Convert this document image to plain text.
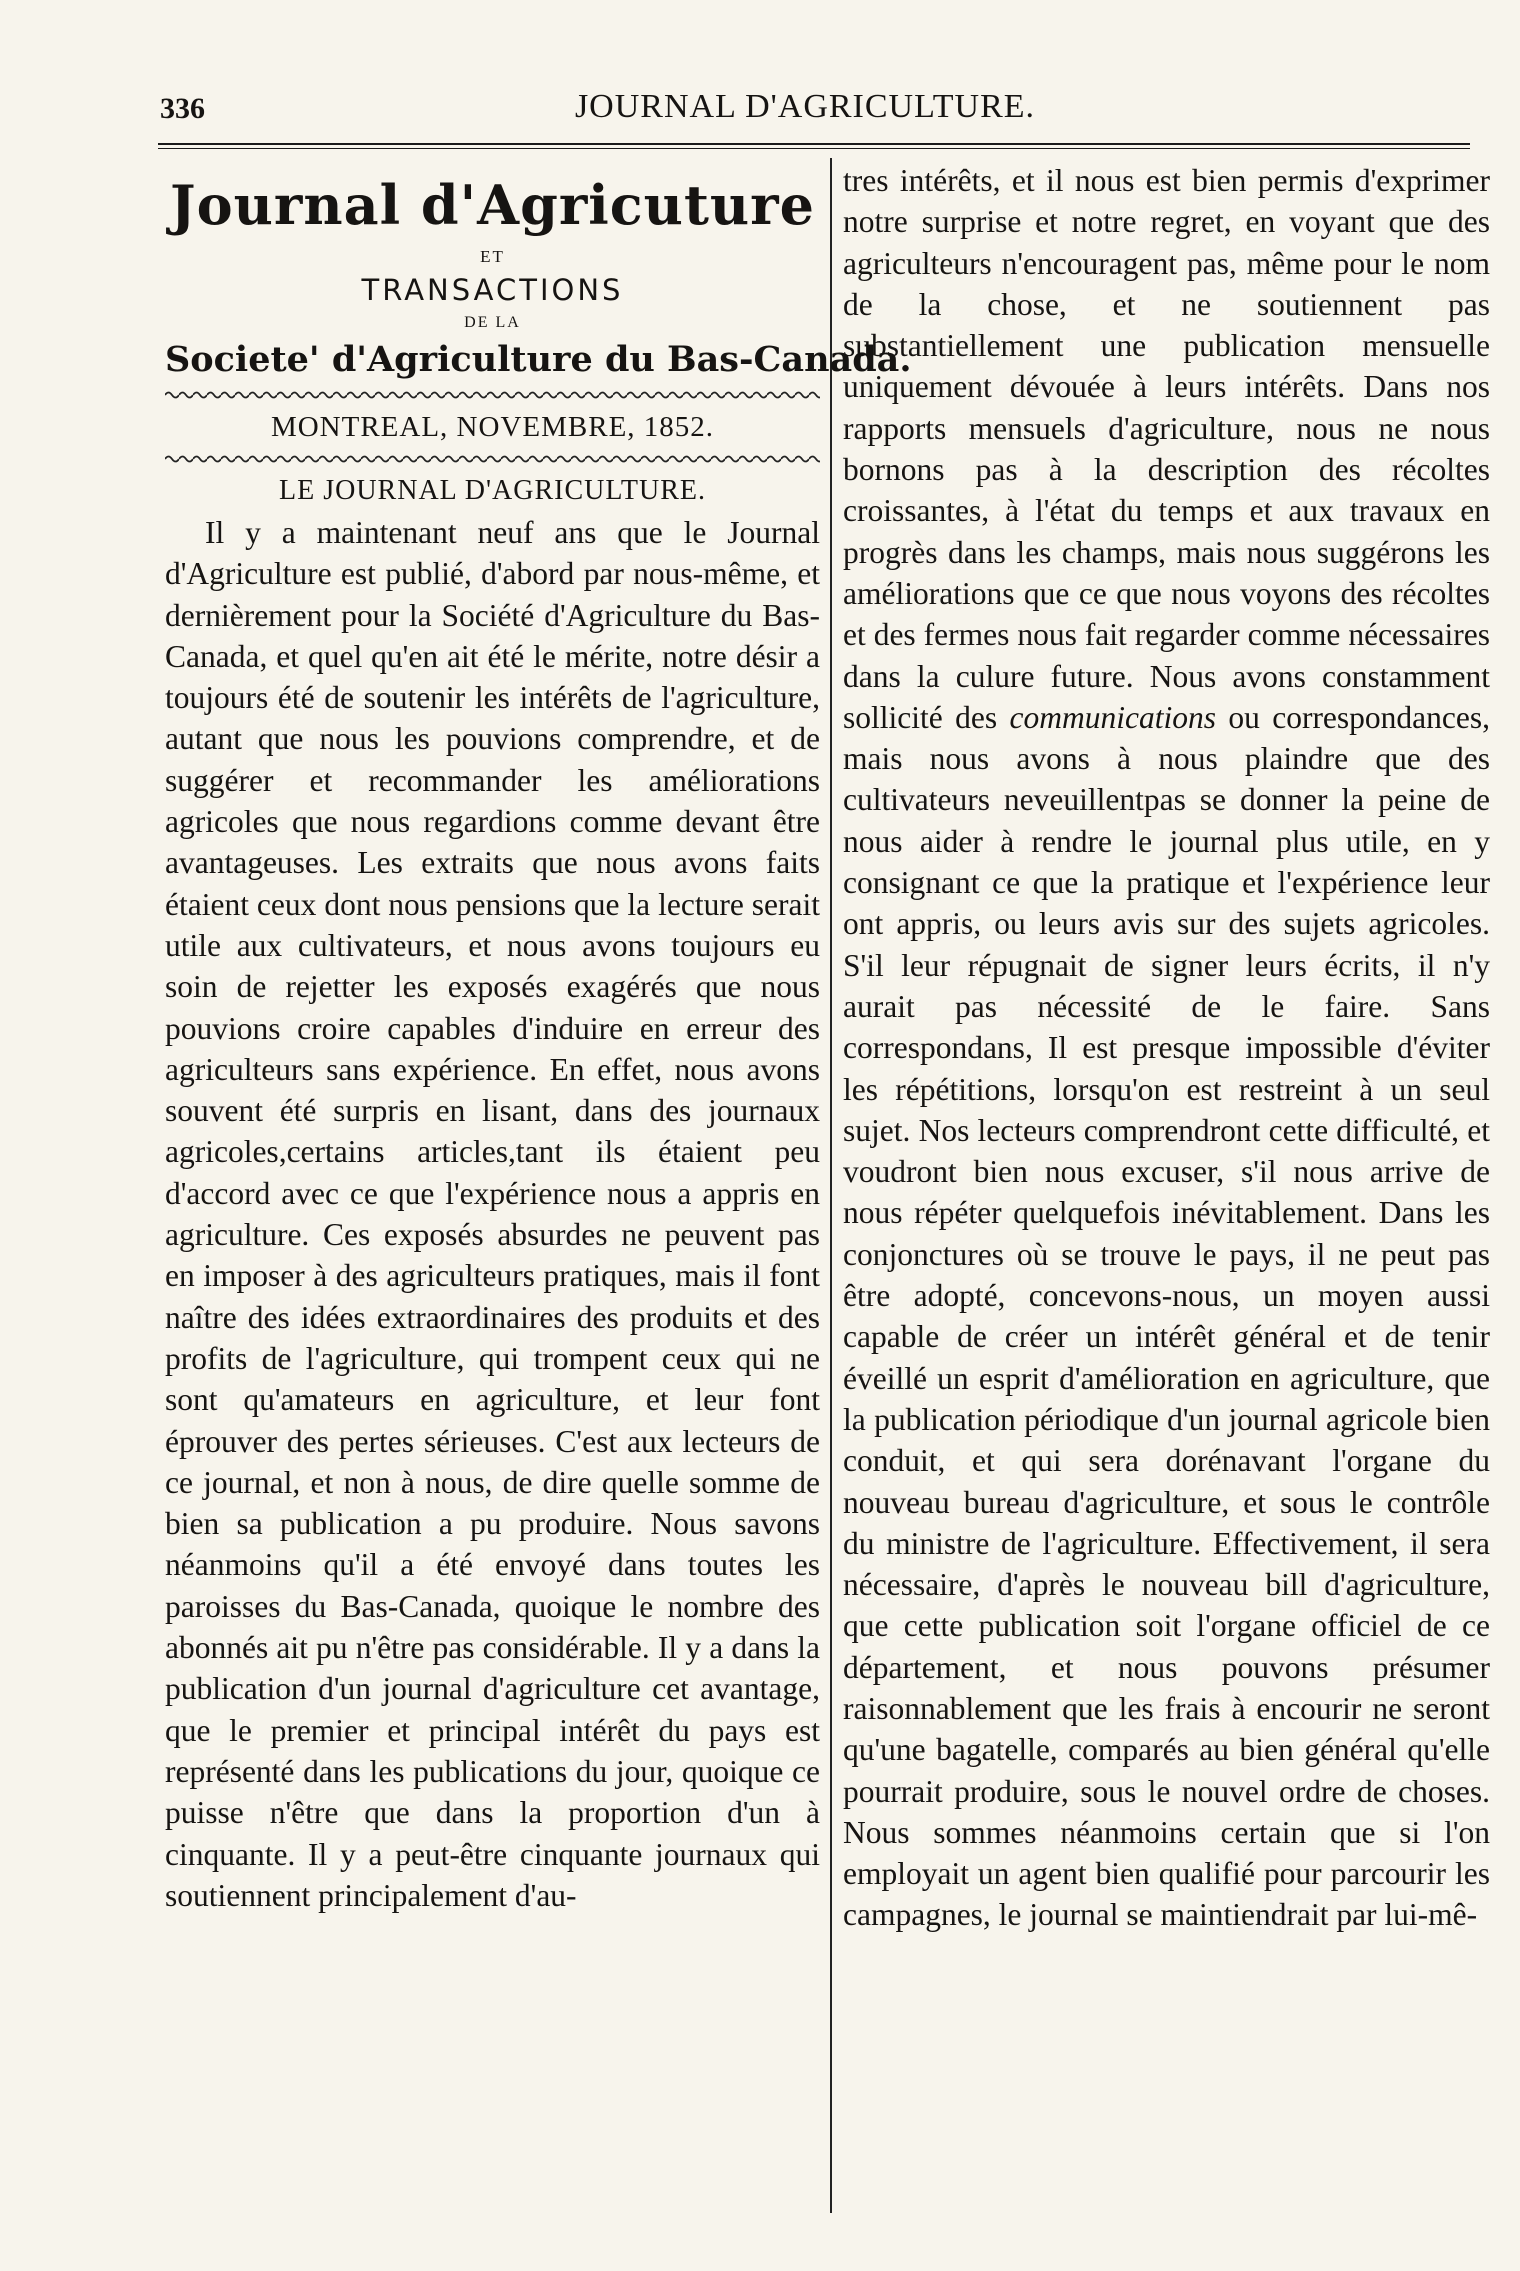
336	JOURNAL D'AGRICULTURE.
Journal d'Agricuture
ET
TRANSACTIONS
DE LA
Societe' d'Agriculture du Bas-Canada.
MONTREAL, NOVEMBRE, 1852.
LE JOURNAL D'AGRICULTURE.

Il y a maintenant neuf ans que le Journal d'Agriculture est publié, d'abord par nous-même, et dernièrement pour la Société d'Agriculture du Bas-Canada, et quel qu'en ait été le mérite, notre désir a toujours été de soutenir les intérêts de l'agriculture, autant que nous les pouvions comprendre, et de suggérer et recommander les améliorations agricoles que nous regardions comme devant être avantageuses. Les extraits que nous avons faits étaient ceux dont nous pensions que la lecture serait utile aux cultivateurs, et nous avons toujours eu soin de rejetter les exposés exagérés que nous pouvions croire capables d'induire en erreur des agriculteurs sans expérience. En effet, nous avons souvent été surpris en lisant, dans des journaux agricoles,certains articles,tant ils étaient peu d'accord avec ce que l'expérience nous a appris en agriculture. Ces exposés absurdes ne peuvent pas en imposer à des agriculteurs pratiques, mais il font naître des idées extraordinaires des produits et des profits de l'agriculture, qui trompent ceux qui ne sont qu'amateurs en agriculture, et leur font éprouver des pertes sérieuses. C'est aux lecteurs de ce journal, et non à nous, de dire quelle somme de bien sa publication a pu produire. Nous savons néanmoins qu'il a été envoyé dans toutes les paroisses du Bas-Canada, quoique le nombre des abonnés ait pu n'être pas considérable. Il y a dans la publication d'un journal d'agriculture cet avantage, que le premier et principal intérêt du pays est représenté dans les publications du jour, quoique ce puisse n'être que dans la proportion d'un à cinquante. Il y a peut-être cinquante journaux qui soutiennent principalement d'au-

tres intérêts, et il nous est bien permis d'exprimer notre surprise et notre regret, en voyant que des agriculteurs n'encouragent pas, même pour le nom de la chose, et ne soutiennent pas substantiellement une publication mensuelle uniquement dévouée à leurs intérêts. Dans nos rapports mensuels d'agriculture, nous ne nous bornons pas à la description des récoltes croissantes, à l'état du temps et aux travaux en progrès dans les champs, mais nous suggérons les améliorations que ce que nous voyons des récoltes et des fermes nous fait regarder comme nécessaires dans la culure future. Nous avons constamment sollicité des communications ou correspondances, mais nous avons à nous plaindre que des cultivateurs neveuillentpas se donner la peine de nous aider à rendre le journal plus utile, en y consignant ce que la pratique et l'expérience leur ont appris, ou leurs avis sur des sujets agricoles. S'il leur répugnait de signer leurs écrits, il n'y aurait pas nécessité de le faire. Sans correspondans, Il est presque impossible d'éviter les répétitions, lorsqu'on est restreint à un seul sujet. Nos lecteurs comprendront cette difficulté, et voudront bien nous excuser, s'il nous arrive de nous répéter quelquefois inévitablement. Dans les conjonctures où se trouve le pays, il ne peut pas être adopté, concevons-nous, un moyen aussi capable de créer un intérêt général et de tenir éveillé un esprit d'amélioration en agriculture, que la publication périodique d'un journal agricole bien conduit, et qui sera dorénavant l'organe du nouveau bureau d'agriculture, et sous le contrôle du ministre de l'agriculture. Effectivement, il sera nécessaire, d'après le nouveau bill d'agriculture, que cette publication soit l'organe officiel de ce département, et nous pouvons présumer raisonnablement que les frais à encourir ne seront qu'une bagatelle, comparés au bien général qu'elle pourrait produire, sous le nouvel ordre de choses. Nous sommes néanmoins certain que si l'on employait un agent bien qualifié pour parcourir les campagnes, le journal se maintiendrait par lui-mê-
